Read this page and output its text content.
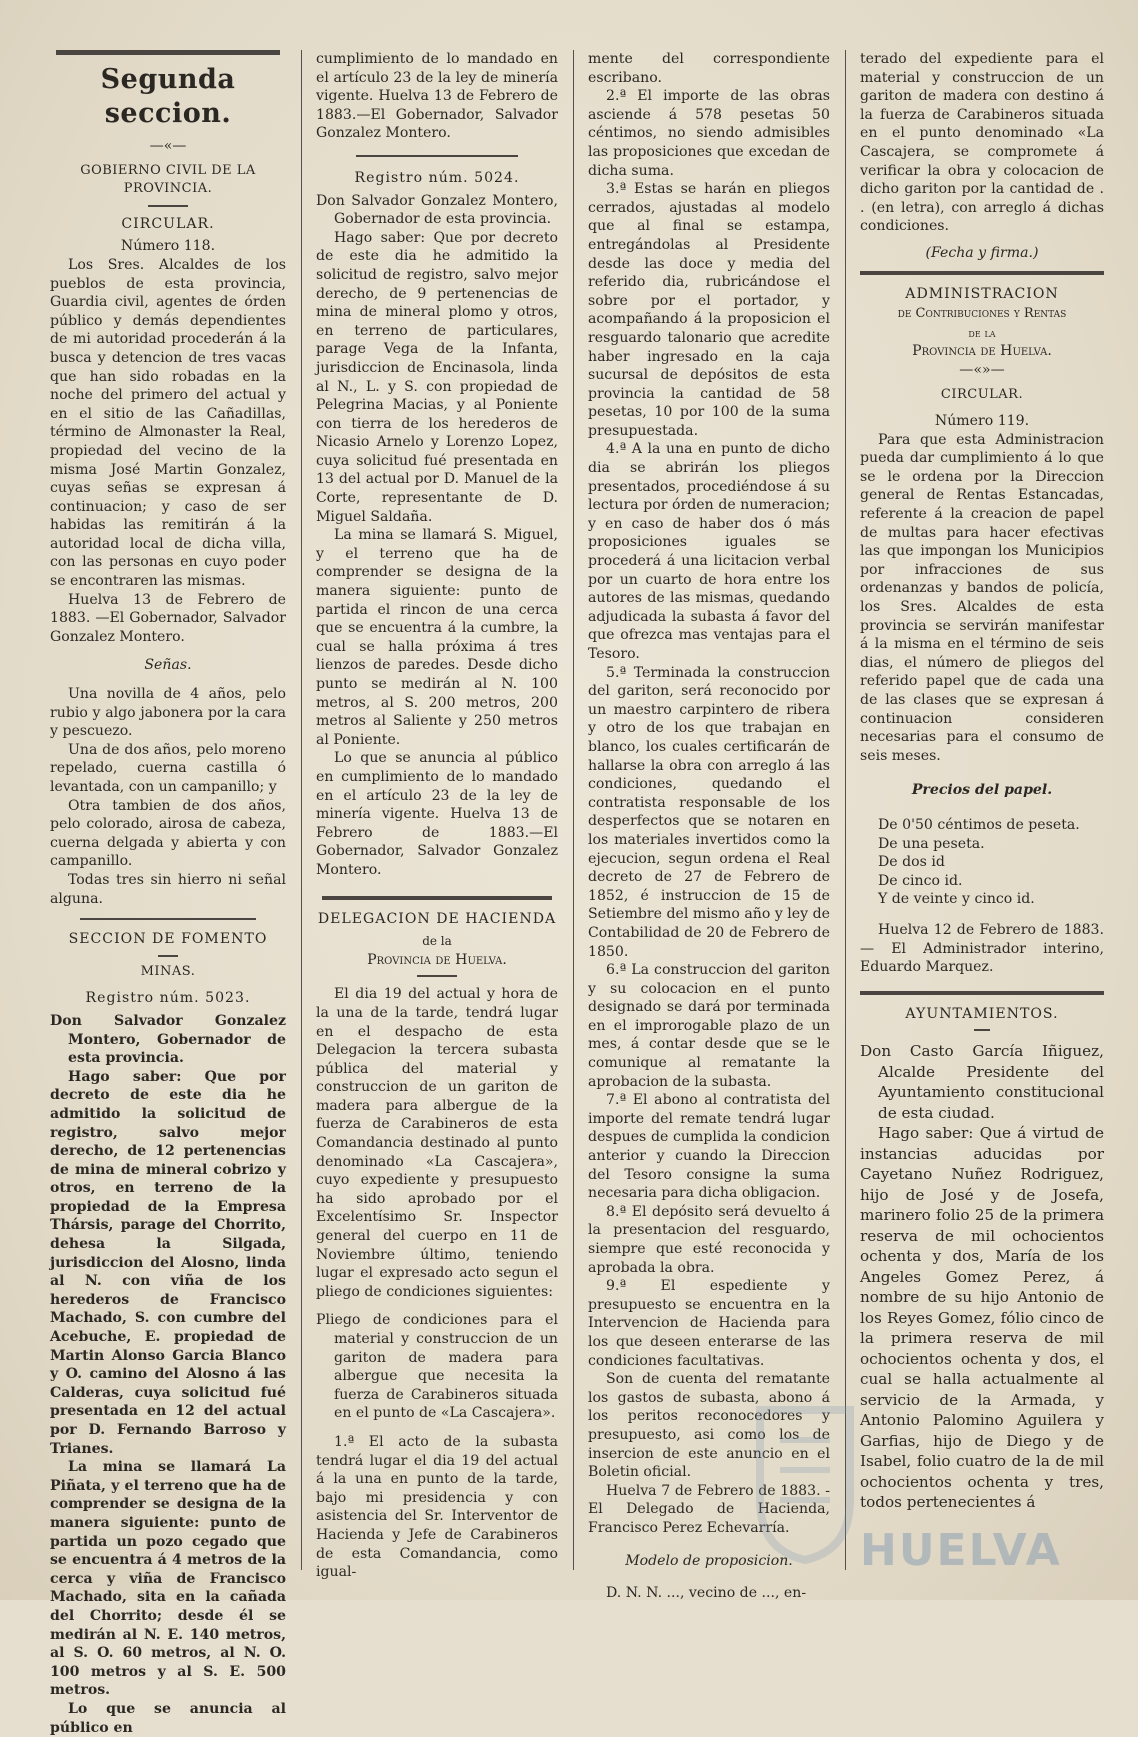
Segunda seccion.
—«—

GOBIERNO CIVIL DE LA PROVINCIA.

CIRCULAR.

Número 118.

Los Sres. Alcaldes de los pueblos de esta provincia, Guardia civil, agentes de órden público y demás dependientes de mi autoridad procederán á la busca y detencion de tres vacas que han sido robadas en la noche del primero del actual y en el sitio de las Cañadillas, término de Almonaster la Real, propiedad del vecino de la misma José Martin Gonzalez, cuyas señas se expresan á continuacion; y caso de ser habidas las remitirán á la autoridad local de dicha villa, con las personas en cuyo poder se encontraren las mismas.

Huelva 13 de Febrero de 1883. —El Gobernador, Salvador Gonzalez Montero.

Señas.

Una novilla de 4 años, pelo rubio y algo jabonera por la cara y pescuezo.

Una de dos años, pelo moreno repelado, cuerna castilla ó levantada, con un campanillo; y

Otra tambien de dos años, pelo colorado, airosa de cabeza, cuerna delgada y abierta y con campanillo.

Todas tres sin hierro ni señal alguna.

SECCION DE FOMENTO

MINAS.

Registro núm. 5023.

Don Salvador Gonzalez Montero, Gobernador de esta provincia.

Hago saber: Que por decreto de este dia he admitido la solicitud de registro, salvo mejor derecho, de 12 pertenencias de mina de mineral cobrizo y otros, en terreno de la propiedad de la Empresa Thársis, parage del Chorrito, dehesa la Silgada, jurisdiccion del Alosno, linda al N. con viña de los herederos de Francisco Machado, S. con cumbre del Acebuche, E. propiedad de Martin Alonso Garcia Blanco y O. camino del Alosno á las Calderas, cuya solicitud fué presentada en 12 del actual por D. Fernando Barroso y Trianes.

La mina se llamará La Piñata, y el terreno que ha de comprender se designa de la manera siguiente: punto de partida un pozo cegado que se encuentra á 4 metros de la cerca y viña de Francisco Machado, sita en la cañada del Chorrito; desde él se medirán al N. E. 140 metros, al S. O. 60 metros, al N. O. 100 metros y al S. E. 500 metros.

Lo que se anuncia al público en

cumplimiento de lo mandado en el artículo 23 de la ley de minería vigente. Huelva 13 de Febrero de 1883.—El Gobernador, Salvador Gonzalez Montero.

Registro núm. 5024.

Don Salvador Gonzalez Montero, Gobernador de esta provincia.

Hago saber: Que por decreto de este dia he admitido la solicitud de registro, salvo mejor derecho, de 9 pertenencias de mina de mineral plomo y otros, en terreno de particulares, parage Vega de la Infanta, jurisdiccion de Encinasola, linda al N., L. y S. con propiedad de Pelegrina Macias, y al Poniente con tierra de los herederos de Nicasio Arnelo y Lorenzo Lopez, cuya solicitud fué presentada en 13 del actual por D. Manuel de la Corte, representante de D. Miguel Saldaña.

La mina se llamará S. Miguel, y el terreno que ha de comprender se designa de la manera siguiente: punto de partida el rincon de una cerca que se encuentra á la cumbre, la cual se halla próxima á tres lienzos de paredes. Desde dicho punto se medirán al N. 100 metros, al S. 200 metros, 200 metros al Saliente y 250 metros al Poniente.

Lo que se anuncia al público en cumplimiento de lo mandado en el artículo 23 de la ley de minería vigente. Huelva 13 de Febrero de 1883.—El Gobernador, Salvador Gonzalez Montero.

DELEGACION DE HACIENDA

de la

Provincia de Huelva.

El dia 19 del actual y hora de la una de la tarde, tendrá lugar en el despacho de esta Delegacion la tercera subasta pública del material y construccion de un gariton de madera para albergue de la fuerza de Carabineros de esta Comandancia destinado al punto denominado «La Cascajera», cuyo expediente y presupuesto ha sido aprobado por el Excelentísimo Sr. Inspector general del cuerpo en 11 de Noviembre último, teniendo lugar el expresado acto segun el pliego de condiciones siguientes:

Pliego de condiciones para el material y construccion de un gariton de madera para albergue que necesita la fuerza de Carabineros situada en el punto de «La Cascajera».

1.ª El acto de la subasta tendrá lugar el dia 19 del actual á la una en punto de la tarde, bajo mi presidencia y con asistencia del Sr. Interventor de Hacienda y Jefe de Carabineros de esta Comandancia, como igual-

mente del correspondiente escribano.

2.ª El importe de las obras asciende á 578 pesetas 50 céntimos, no siendo admisibles las proposiciones que excedan de dicha suma.

3.ª Estas se harán en pliegos cerrados, ajustadas al modelo que al final se estampa, entregándolas al Presidente desde las doce y media del referido dia, rubricándose el sobre por el portador, y acompañando á la proposicion el resguardo talonario que acredite haber ingresado en la caja sucursal de depósitos de esta provincia la cantidad de 58 pesetas, 10 por 100 de la suma presupuestada.

4.ª A la una en punto de dicho dia se abrirán los pliegos presentados, procediéndose á su lectura por órden de numeracion; y en caso de haber dos ó más proposiciones iguales se procederá á una licitacion verbal por un cuarto de hora entre los autores de las mismas, quedando adjudicada la subasta á favor del que ofrezca mas ventajas para el Tesoro.

5.ª Terminada la construccion del gariton, será reconocido por un maestro carpintero de ribera y otro de los que trabajan en blanco, los cuales certificarán de hallarse la obra con arreglo á las condiciones, quedando el contratista responsable de los desperfectos que se notaren en los materiales invertidos como la ejecucion, segun ordena el Real decreto de 27 de Febrero de 1852, é instruccion de 15 de Setiembre del mismo año y ley de Contabilidad de 20 de Febrero de 1850.

6.ª La construccion del gariton y su colocacion en el punto designado se dará por terminada en el improrogable plazo de un mes, á contar desde que se le comunique al rematante la aprobacion de la subasta.

7.ª El abono al contratista del importe del remate tendrá lugar despues de cumplida la condicion anterior y cuando la Direccion del Tesoro consigne la suma necesaria para dicha obligacion.

8.ª El depósito será devuelto á la presentacion del resguardo, siempre que esté reconocida y aprobada la obra.

9.ª El espediente y presupuesto se encuentra en la Intervencion de Hacienda para los que deseen enterarse de las condiciones facultativas.

Son de cuenta del rematante los gastos de subasta, abono á los peritos reconocedores y presupuesto, asi como los de insercion de este anuncio en el Boletin oficial.

Huelva 7 de Febrero de 1883. -El Delegado de Hacienda, Francisco Perez Echevarría.

Modelo de proposicion.

D. N. N. ..., vecino de ..., en-

terado del expediente para el material y construccion de un gariton de madera con destino á la fuerza de Carabineros situada en el punto denominado «La Cascajera, se compromete á verificar la obra y colocacion de dicho gariton por la cantidad de . . (en letra), con arreglo á dichas condiciones.

(Fecha y firma.)

ADMINISTRACION

de Contribuciones y Rentas

de la

Provincia de Huelva.

—«»—

CIRCULAR.

Número 119.

Para que esta Administracion pueda dar cumplimiento á lo que se le ordena por la Direccion general de Rentas Estancadas, referente á la creacion de papel de multas para hacer efectivas las que impongan los Municipios por infracciones de sus ordenanzas y bandos de policía, los Sres. Alcaldes de esta provincia se servirán manifestar á la misma en el término de seis dias, el número de pliegos del referido papel que de cada una de las clases que se expresan á continuacion consideren necesarias para el consumo de seis meses.

Precios del papel.

De 0'50 céntimos de peseta.

De una peseta.

De dos id

De cinco id.

Y de veinte y cinco id.

Huelva 12 de Febrero de 1883. — El Administrador interino, Eduardo Marquez.

AYUNTAMIENTOS.

Don Casto García Iñiguez, Alcalde Presidente del Ayuntamiento constitucional de esta ciudad.

Hago saber: Que á virtud de instancias aducidas por Cayetano Nuñez Rodriguez, hijo de José y de Josefa, marinero folio 25 de la primera reserva de mil ochocientos ochenta y dos, María de los Angeles Gomez Perez, á nombre de su hijo Antonio de los Reyes Gomez, fólio cinco de la primera reserva de mil ochocientos ochenta y dos, el cual se halla actualmente al servicio de la Armada, y Antonio Palomino Aguilera y Garfias, hijo de Diego y de Isabel, folio cuatro de la de mil ochocientos ochenta y tres, todos pertenecientes á

HUELVA
